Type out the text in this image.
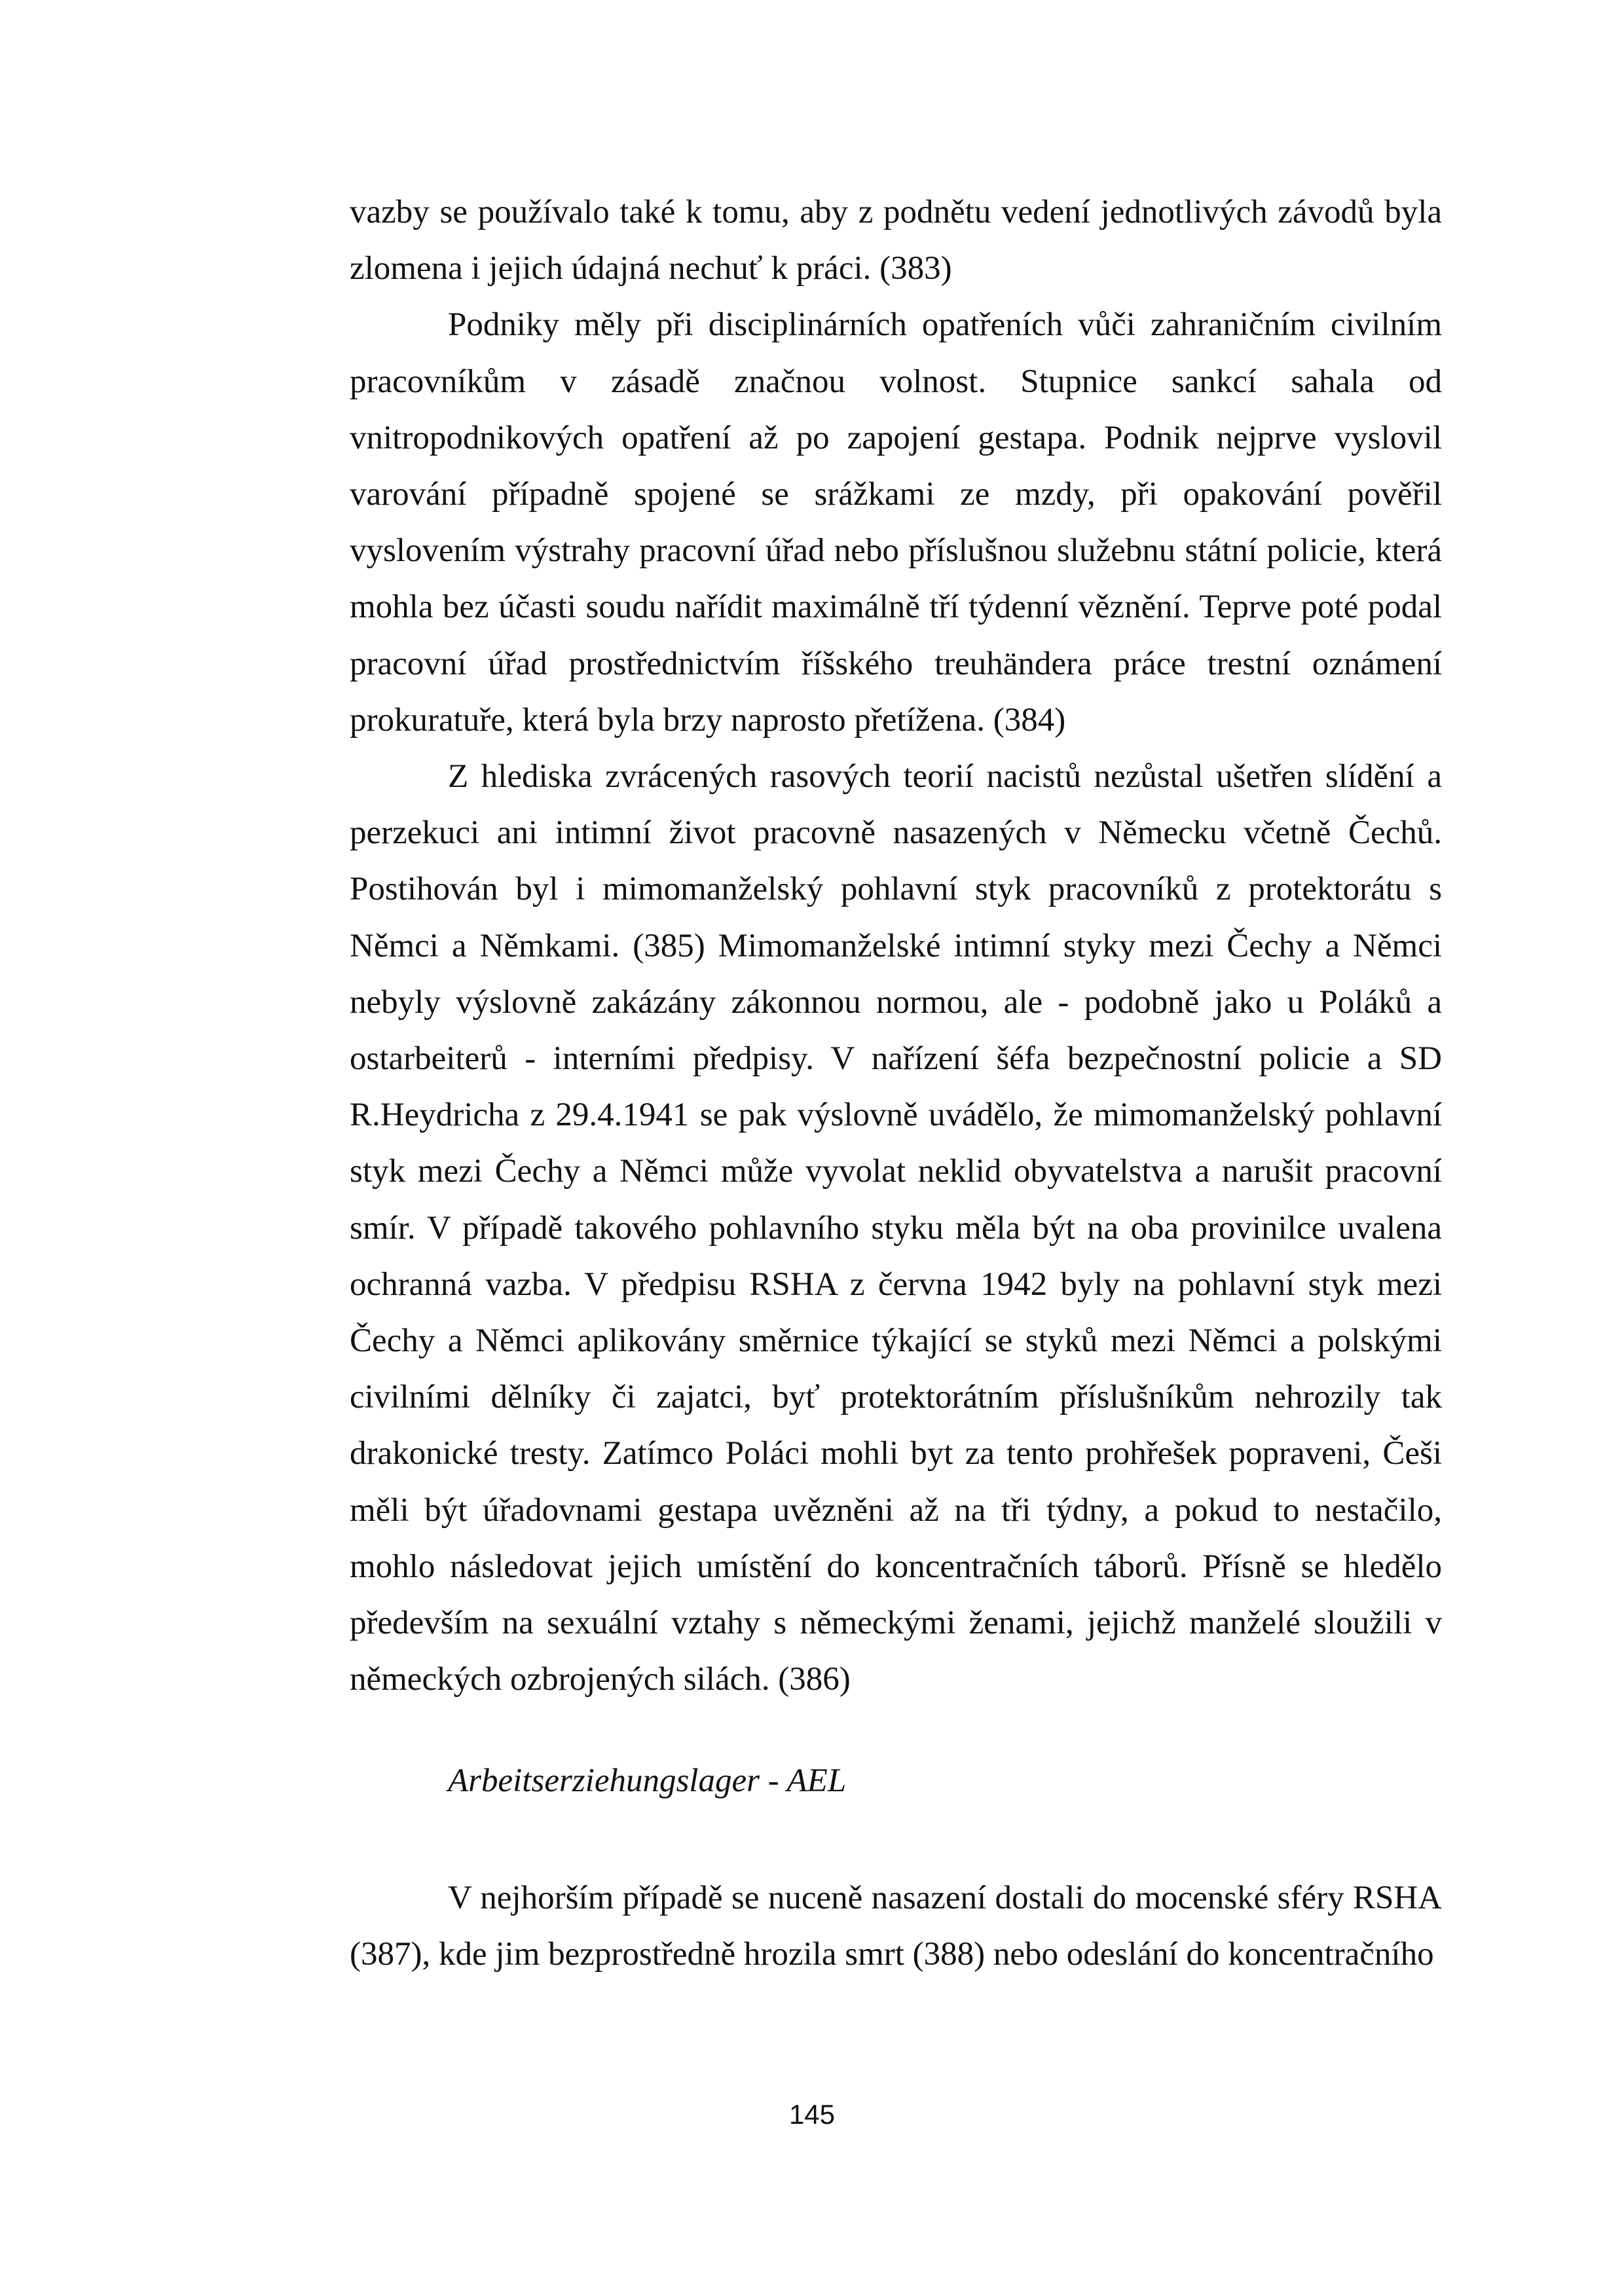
vazby se používalo také k tomu, aby z podnětu vedení jednotlivých závodů byla zlomena i jejich údajná nechuť k práci. (383)

Podniky měly při disciplinárních opatřeních vůči zahraničním civilním pracovníkům v zásadě značnou volnost. Stupnice sankcí sahala od vnitropodnikových opatření až po zapojení gestapa. Podnik nejprve vyslovil varování případně spojené se srážkami ze mzdy, při opakování pověřil vyslovením výstrahy pracovní úřad nebo příslušnou služebnu státní policie, která mohla bez účasti soudu nařídit maximálně tří týdenní věznění. Teprve poté podal pracovní úřad prostřednictvím říšského treuhändera práce trestní oznámení prokuratuře, která byla brzy naprosto přetížena. (384)

Z hlediska zvrácených rasových teorií nacistů nezůstal ušetřen slídění a perzekuci ani intimní život pracovně nasazených v Německu včetně Čechů. Postihován byl i mimomanželský pohlavní styk pracovníků z protektorátu s Němci a Němkami. (385) Mimomanželské intimní styky mezi Čechy a Němci nebyly výslovně zakázány zákonnou normou, ale - podobně jako u Poláků a ostarbeiterů - interními předpisy. V nařízení šéfa bezpečnostní policie a SD R.Heydricha z 29.4.1941 se pak výslovně uvádělo, že mimomanželský pohlavní styk mezi Čechy a Němci může vyvolat neklid obyvatelstva a narušit pracovní smír. V případě takového pohlavního styku měla být na oba provinilce uvalena ochranná vazba. V předpisu RSHA z června 1942 byly na pohlavní styk mezi Čechy a Němci aplikovány směrnice týkající se styků mezi Němci a polskými civilními dělníky či zajatci, byť protektorátním příslušníkům nehrozily tak drakonické tresty. Zatímco Poláci mohli byt za tento prohřešek popraveni, Češi měli být úřadovnami gestapa uvězněni až na tři týdny, a pokud to nestačilo, mohlo následovat jejich umístění do koncentračních táborů. Přísně se hledělo především na sexuální vztahy s německými ženami, jejichž manželé sloužili v německých ozbrojených silách. (386)

Arbeitserziehungslager - AEL

V nejhorším případě se nuceně nasazení dostali do mocenské sféry RSHA (387), kde jim bezprostředně hrozila smrt (388) nebo odeslání do koncentračního

145
